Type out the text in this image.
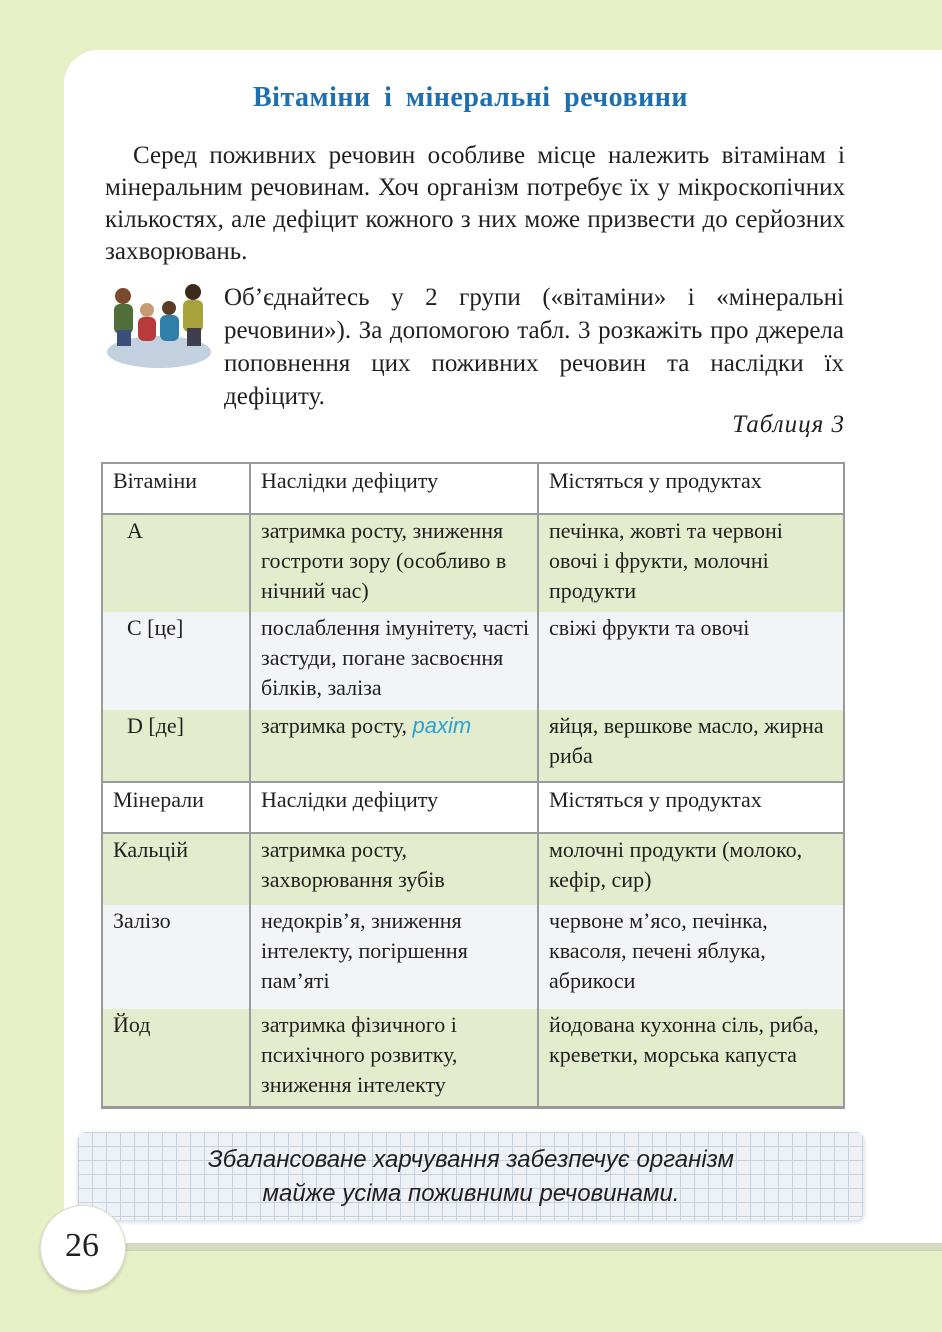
Вітаміни і мінеральні речовини

Серед поживних речовин особливе місце належить вітамінам і мінеральним речовинам. Хоч організм потребує їх у мікроскопічних кількостях, але дефіцит кожного з них може призвести до серйозних захворювань.

Об’єднайтесь у 2 групи («вітаміни» і «мінеральні речовини»). За допомогою табл. 3 розкажіть про джерела поповнення цих поживних речовин та наслідки їх дефіциту.

Таблиця 3

Вітаміни	Наслідки дефіциту	Містяться у продуктах
А	затримка росту, зниження гостроти зору (особливо в нічний час)	печінка, жовті та червоні овочі і фрукти, молочні продукти
С [це]	послаблення імунітету, часті застуди, погане засвоєння білків, заліза	свіжі фрукти та овочі
D [де]	затримка росту, рахіт	яйця, вершкове масло, жирна риба
Мінерали	Наслідки дефіциту	Містяться у продуктах
Кальцій	затримка росту, захворювання зубів	молочні продукти (молоко, кефір, сир)
Залізо	недокрів’я, зниження інтелекту, погіршення пам’яті	червоне м’ясо, печінка, квасоля, печені яблука, абрикоси
Йод	затримка фізичного і психічного розвитку, зниження інтелекту	йодована кухонна сіль, риба, креветки, морська капуста

Збалансоване харчування забезпечує організм
майже усіма поживними речовинами.

26
